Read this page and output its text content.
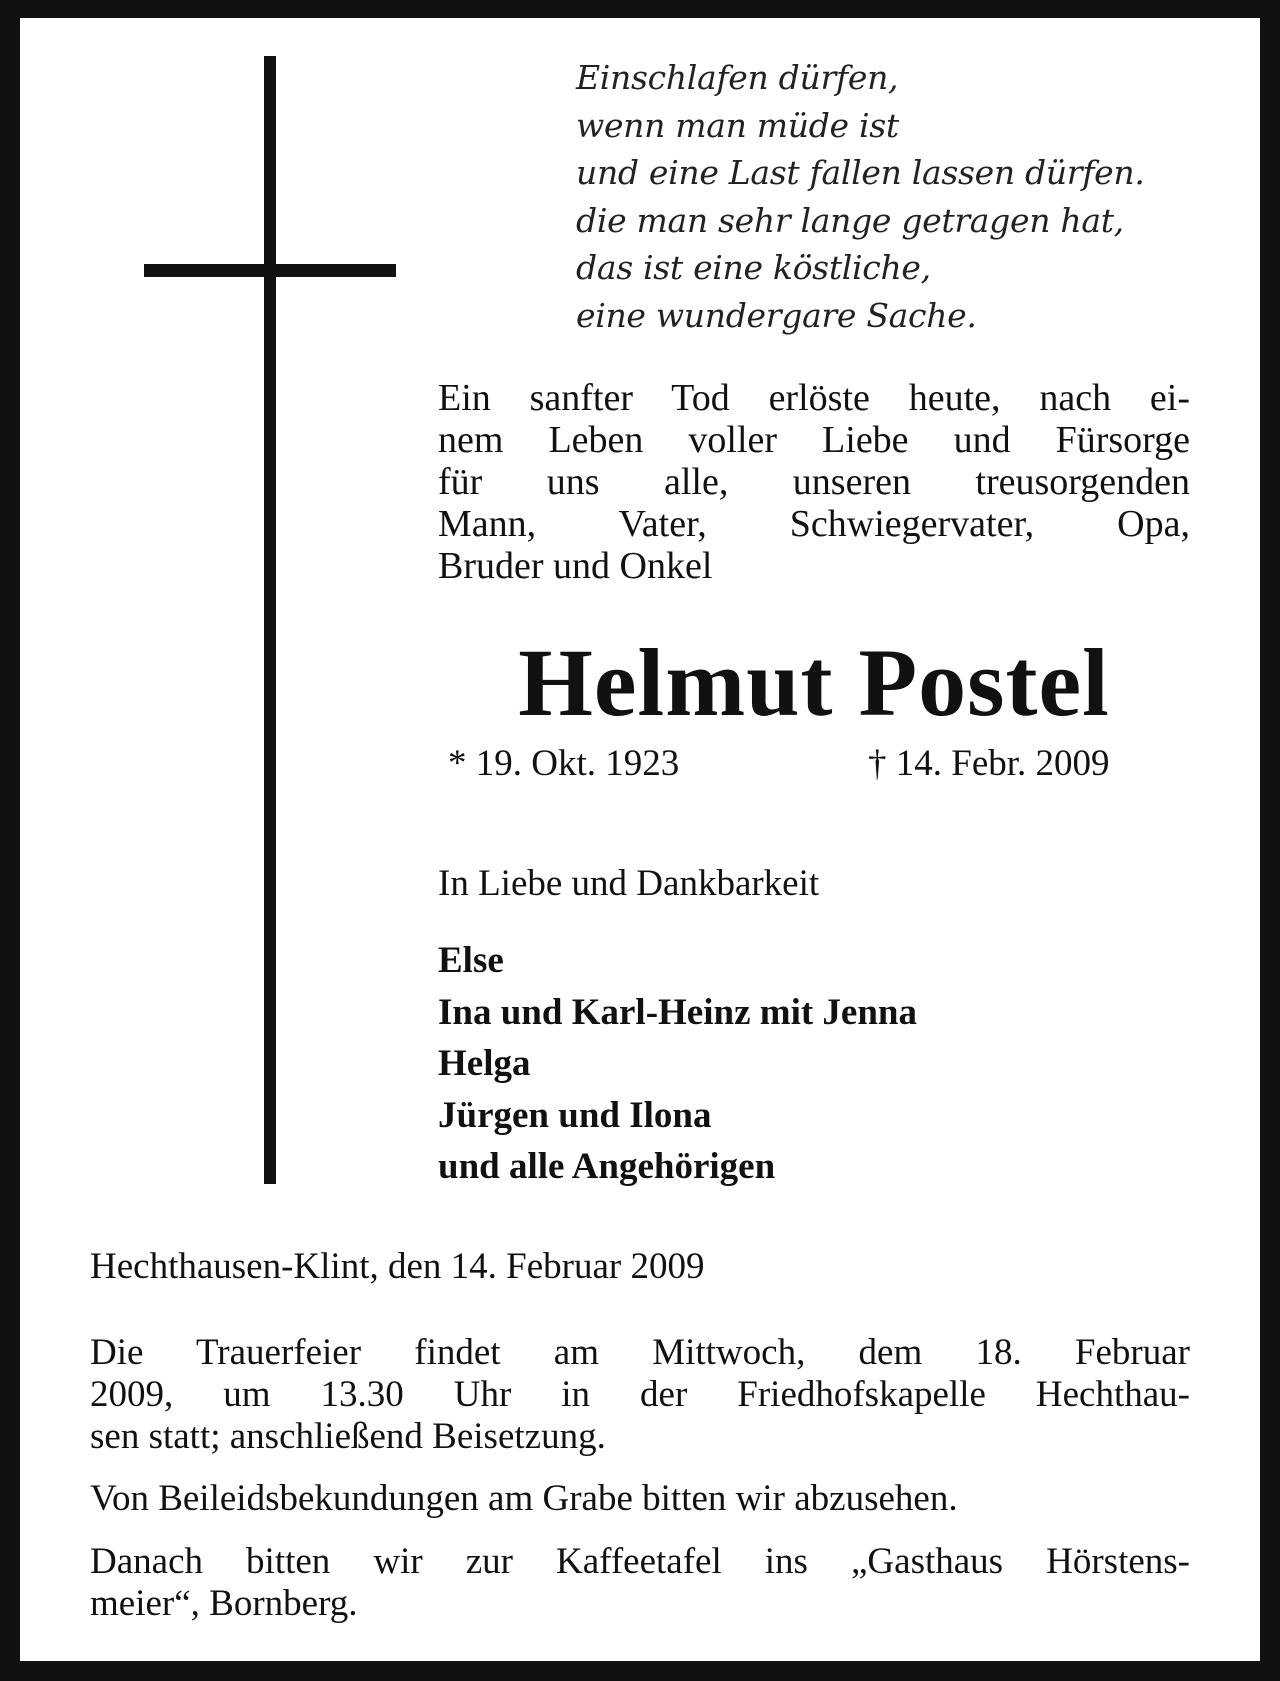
Einschlafen dürfen,
wenn man müde ist
und eine Last fallen lassen dürfen.
die man sehr lange getragen hat,
das ist eine köstliche,
eine wundergare Sache.
Ein sanfter Tod erlöste heute, nach ei-
nem Leben voller Liebe und Fürsorge
für uns alle, unseren treusorgenden
Mann, Vater, Schwiegervater, Opa,
Bruder und Onkel
Helmut Postel
* 19. Okt. 1923	† 14. Febr. 2009
In Liebe und Dankbarkeit
Else
Ina und Karl-Heinz mit Jenna
Helga
Jürgen und Ilona
und alle Angehörigen
Hechthausen-Klint, den 14. Februar 2009
Die Trauerfeier findet am Mittwoch, dem 18. Februar
2009, um 13.30 Uhr in der Friedhofskapelle Hechthau-
sen statt; anschließend Beisetzung.
Von Beileidsbekundungen am Grabe bitten wir abzusehen.
Danach bitten wir zur Kaffeetafel ins „Gasthaus Hörstens-
meier“, Bornberg.
